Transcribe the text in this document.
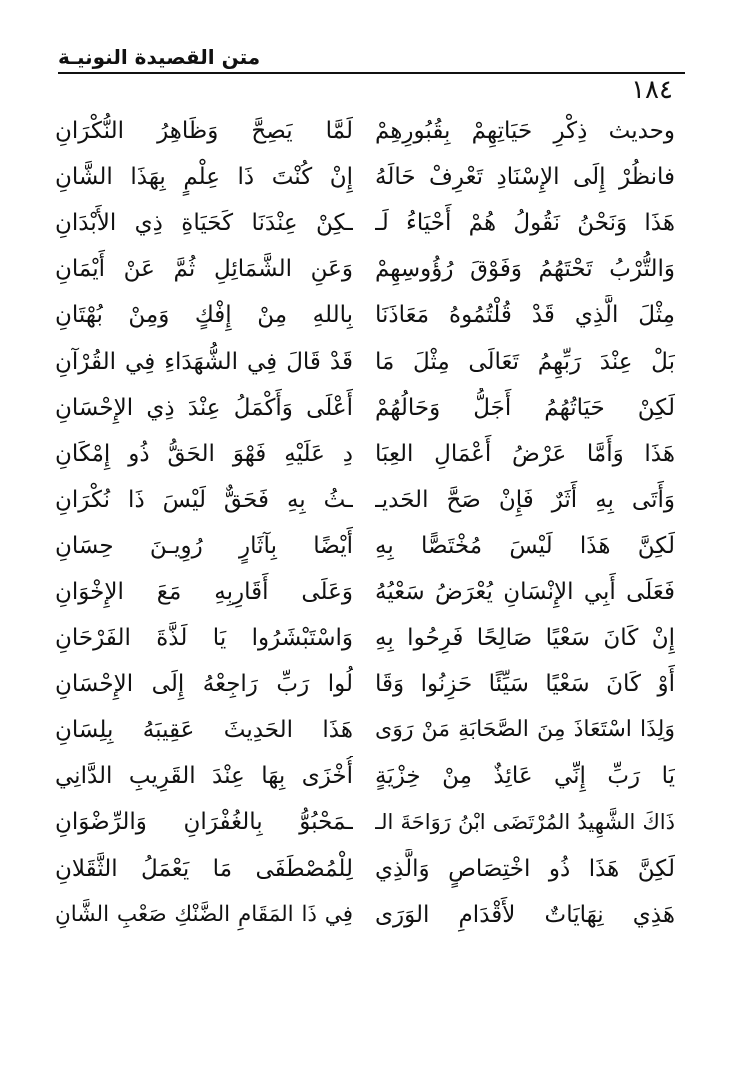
متن القصيدة النونيـة
١٨٤
وحديث ذِكْرِ حَيَاتِهِمْ بِقُبُورِهِمْ
لَمَّا يَصِحَّ وَظَاهِرُ النُّكْرَانِ
فانظُرْ إِلَى الإِسْنَادِ تَعْرِفْ حَالَهُ
إِنْ كُنْتَ ذَا عِلْمٍ بِهَذَا الشَّانِ
هَذَا وَنَحْنُ نَقُولُ هُمْ أَحْيَاءُ لَـ
ـكِنْ عِنْدَنَا كَحَيَاةِ ذِي الأَبْدَانِ
وَالتُّرْبُ تَحْتَهُمُ وَفَوْقَ رُؤُوسِهِمْ
وَعَنِ الشَّمَائِلِ ثُمَّ عَنْ أَيْمَانِ
مِثْلَ الَّذِي قَدْ قُلْتُمُوهُ مَعَاذَنَا
بِاللهِ مِنْ إِفْكٍ وَمِنْ بُهْتَانِ
بَلْ عِنْدَ رَبِّهِمُ تَعَالَى مِثْلَ مَا
قَدْ قَالَ فِي الشُّهَدَاءِ فِي القُرْآنِ
لَكِنْ حَيَاتُهُمُ أَجَلُّ وَحَالُهُمْ
أَعْلَى وَأَكْمَلُ عِنْدَ ذِي الإِحْسَانِ
هَذَا وَأَمَّا عَرْضُ أَعْمَالِ العِبَا
دِ عَلَيْهِ فَهْوَ الحَقُّ ذُو إِمْكَانِ
وَأَتَى بِهِ أَثَرٌ فَإِنْ صَحَّ الحَديـ
ـثُ بِهِ فَحَقٌّ لَيْسَ ذَا نُكْرَانِ
لَكِنَّ هَذَا لَيْسَ مُخْتَصًّا بِهِ
أَيْضًا بِآثَارٍ رُوِيـنَ حِسَانِ
فَعَلَى أَبِي الإِنْسَانِ يُعْرَضُ سَعْيُهُ
وَعَلَى أَقَارِبِهِ مَعَ الإِخْوَانِ
إِنْ كَانَ سَعْيًا صَالِحًا فَرِحُوا بِهِ
وَاسْتَبْشَرُوا يَا لَذَّةَ الفَرْحَانِ
أَوْ كَانَ سَعْيًا سَيِّئًا حَزِنُوا وَقَا
لُوا رَبِّ رَاجِعْهُ إِلَى الإِحْسَانِ
وَلِذَا اسْتَعَاذَ مِنَ الصَّحَابَةِ مَنْ رَوَى
هَذَا الحَدِيثَ عَقِيبَهُ بِلِسَانِ
يَا رَبِّ إِنِّي عَائِذٌ مِنْ خِزْيَةٍ
أُخْزَى بِهَا عِنْدَ القَرِيبِ الدَّانِي
ذَاكَ الشَّهِيدُ المُرْتَضَى ابْنُ رَوَاحَةَ الـ
ـمَحْبُوُّ بِالغُفْرَانِ وَالرِّضْوَانِ
لَكِنَّ هَذَا ذُو اخْتِصَاصٍ وَالَّذِي
لِلْمُصْطَفَى مَا يَعْمَلُ الثَّقَلانِ
هَذِي نِهَايَاتٌ لأَقْدَامِ الوَرَى
فِي ذَا المَقَامِ الضَّنْكِ صَعْبِ الشَّانِ
